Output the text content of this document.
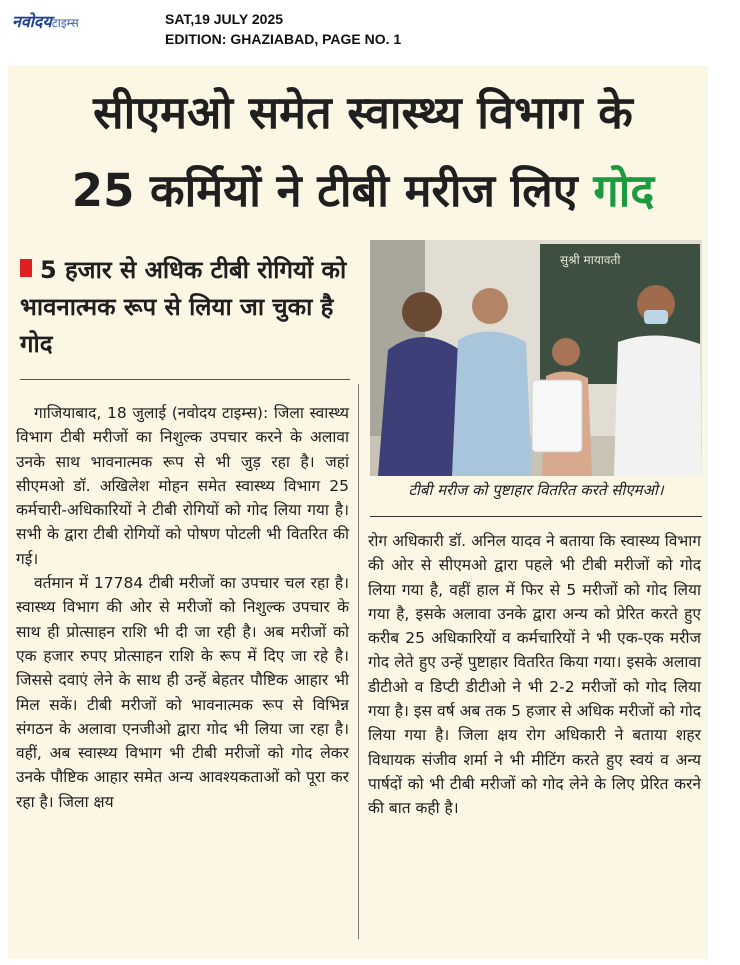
नवोदयटाइम्स	SAT,19 JULY 2025
EDITION: GHAZIABAD, PAGE NO. 1
सीएमओ समेत स्वास्थ्य विभाग के
25 कर्मियों ने टीबी मरीज लिए गोद
5 हजार से अधिक टीबी रोगियों को भावनात्मक रूप से लिया जा चुका है गोद
सुश्री मायावती
टीबी मरीज को पुष्टाहार वितरित करते सीएमओ।

गाजियाबाद, 18 जुलाई (नवोदय टाइम्स): जिला स्वास्थ्य विभाग टीबी मरीजों का निशुल्क उपचार करने के अलावा उनके साथ भावनात्मक रूप से भी जुड़ रहा है। जहां सीएमओ डॉ. अखिलेश मोहन समेत स्वास्थ्य विभाग 25 कर्मचारी-अधिकारियों ने टीबी रोगियों को गोद लिया गया है। सभी के द्वारा टीबी रोगियों को पोषण पोटली भी वितरित की गई।

वर्तमान में 17784 टीबी मरीजों का उपचार चल रहा है। स्वास्थ्य विभाग की ओर से मरीजों को निशुल्क उपचार के साथ ही प्रोत्साहन राशि भी दी जा रही है। अब मरीजों को एक हजार रुपए प्रोत्साहन राशि के रूप में दिए जा रहे है। जिससे दवाएं लेने के साथ ही उन्हें बेहतर पौष्टिक आहार भी मिल सकें। टीबी मरीजों को भावनात्मक रूप से विभिन्न संगठन के अलावा एनजीओ द्वारा गोद भी लिया जा रहा है। वहीं, अब स्वास्थ्य विभाग भी टीबी मरीजों को गोद लेकर उनके पौष्टिक आहार समेत अन्य आवश्यकताओं को पूरा कर रहा है। जिला क्षय

रोग अधिकारी डॉ. अनिल यादव ने बताया कि स्वास्थ्य विभाग की ओर से सीएमओ द्वारा पहले भी टीबी मरीजों को गोद लिया गया है, वहीं हाल में फिर से 5 मरीजों को गोद लिया गया है, इसके अलावा उनके द्वारा अन्य को प्रेरित करते हुए करीब 25 अधिकारियों व कर्मचारियों ने भी एक-एक मरीज गोद लेते हुए उन्हें पुष्टाहार वितरित किया गया। इसके अलावा डीटीओ व डिप्टी डीटीओ ने भी 2-2 मरीजों को गोद लिया गया है। इस वर्ष अब तक 5 हजार से अधिक मरीजों को गोद लिया गया है। जिला क्षय रोग अधिकारी ने बताया शहर विधायक संजीव शर्मा ने भी मीटिंग करते हुए स्वयं व अन्य पार्षदों को भी टीबी मरीजों को गोद लेने के लिए प्रेरित करने की बात कही है।
